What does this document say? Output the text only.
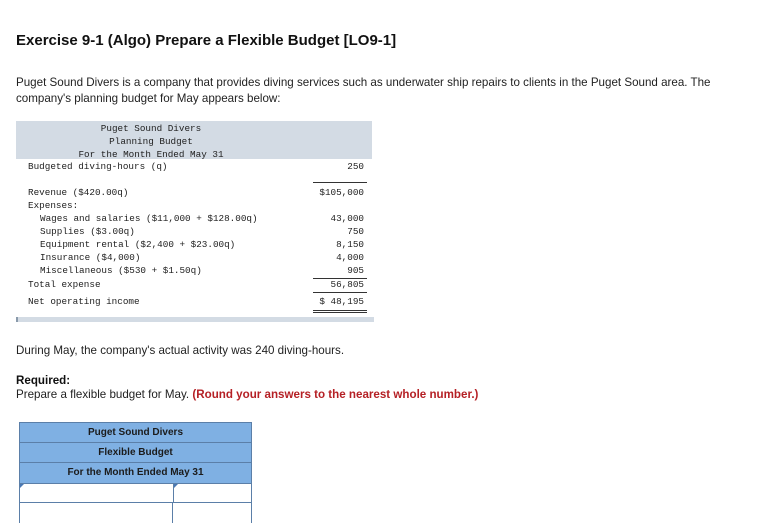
Exercise 9-1 (Algo) Prepare a Flexible Budget [LO9-1]
Puget Sound Divers is a company that provides diving services such as underwater ship repairs to clients in the Puget Sound area. The company's planning budget for May appears below:
Puget Sound Divers
Planning Budget
For the Month Ended May 31
Budgeted diving-hours (q)	250
Revenue ($420.00q)	$105,000
Expenses:
Wages and salaries ($11,000 + $128.00q)	43,000
Supplies ($3.00q)	750
Equipment rental ($2,400 + $23.00q)	8,150
Insurance ($4,000)	4,000
Miscellaneous ($530 + $1.50q)	905
Total expense	56,805
Net operating income	$ 48,195
During May, the company's actual activity was 240 diving-hours.
Required:
Prepare a flexible budget for May. (Round your answers to the nearest whole number.)
Puget Sound Divers
Flexible Budget
For the Month Ended May 31
